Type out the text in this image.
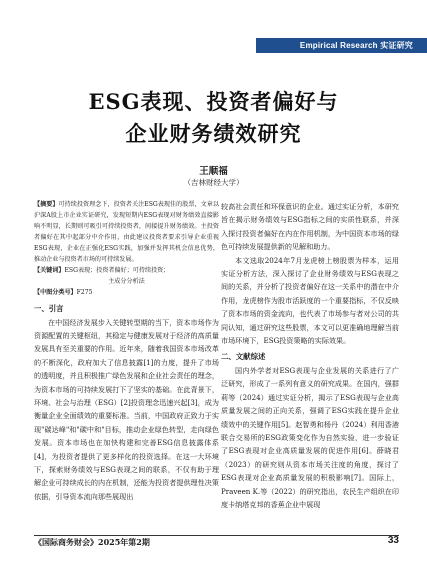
Empirical Research 实证研究
ESG表现、投资者偏好与
企业财务绩效研究
王顺福
（吉林财经大学）
【摘要】可持续投资理念下，投资者关注ESG表现佳的股票，文章以沪深A股上市企业实证研究，发现短期内ESG表现对财务绩效直接影响不明显，长期则可吸引可持续投资者，间接提升财务绩效。主投资者偏好在其中起部分中介作用，由此建议投资者要求引导企业重视ESG表现，企业在正强化ESG实践，加强并发挥其机会信息优势，推动企业与投资者市场的可持续发展。
【关键词】ESG表现；投资者偏好；可持续投资；
主成分分析法
【中图分类号】F275
一、引言

在中国经济发展步入关键转型期的当下，资本市场作为资源配置的关键枢纽，其稳定与健康发展对于经济的高质量发展具有至关重要的作用。近年来，随着我国资本市场改革的不断深化，政府加大了信息披露[1]的力度，提升了市场的透明度，并且积极推广绿色发展和企业社会责任的理念，为资本市场的可持续发展打下了坚实的基础。在此背景下，环境、社会与治理（ESG）[2]投资理念迅速兴起[3]，成为衡量企业全面绩效的重要标准。当前，中国政府正致力于实现"碳达峰"和"碳中和"目标，推动企业绿色转型，走向绿色发展。资本市场也在加快构建和完善ESG信息披露体系[4]，为投资者提供了更多样化的投资选择。在这一大环境下，探索财务绩效与ESG表现之间的联系，不仅有助于理解企业可持续成长的内在机制，还能为投资者提供理性决策依据，引导资本流向那些展现出

较高社会责任和环保意识的企业。通过实证分析，本研究旨在揭示财务绩效与ESG指标之间的实质性联系，并深入探讨投资者偏好在内在作用机制，为中国资本市场的绿色可持续发展提供新的见解和助力。

本文选取2024年7月龙虎榜上榜股票为样本，运用实证分析方法，深入探讨了企业财务绩效与ESG表现之间的关系，并分析了投资者偏好在这一关系中的潜在中介作用，龙虎榜作为股市活跃度的一个重要指标，不仅反映了资本市场的资金流向，也代表了市场参与者对公司的共同认知，通过研究这些股票，本文可以更准确地理解当前市场环境下，ESG投资策略的实际效果。

二、文献综述

国内外学者对ESG表现与企业发展的关系进行了广泛研究，形成了一系列有意义的研究成果。在国内，强群莉等（2024）通过实证分析，揭示了ESG表现与企业高质量发展之间的正向关系，强调了ESG实践在提升企业绩效中的关键作用[5]。赵智勇和杨丹（2024）利用香港联合交易所的ESG政策变化作为自然实验，进一步验证了ESG表现对企业高质量发展的促进作用[6]。薛晓君（2023）的研究则从资本市场关注度的角度，探讨了ESG表现对企业高质量发展的积极影响[7]。国际上，Praveen K.等（2022）的研究指出，农民生产组织在印度卡纳塔克邦的香蕉企业中展现

《国际商务财会》2025年第2期	33
